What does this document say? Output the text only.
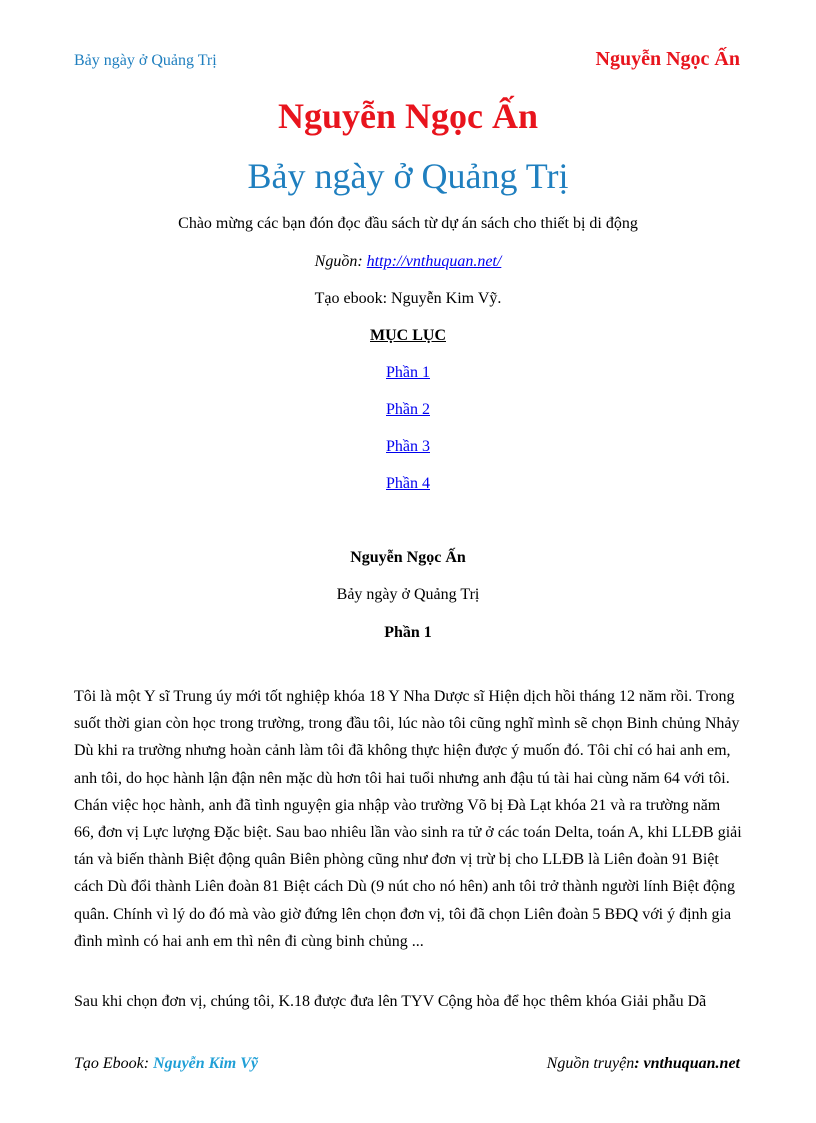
Bảy ngày ở Quảng Trị	Nguyễn Ngọc Ấn
Nguyễn Ngọc Ấn
Bảy ngày ở Quảng Trị
Chào mừng các bạn đón đọc đầu sách từ dự án sách cho thiết bị di động
Nguồn: http://vnthuquan.net/
Tạo ebook: Nguyễn Kim Vỹ.
MỤC LỤC
Phần 1
Phần 2
Phần 3
Phần 4
Nguyễn Ngọc Ấn
Bảy ngày ở Quảng Trị
Phần 1

Tôi là một Y sĩ Trung úy mới tốt nghiệp khóa 18 Y Nha Dược sĩ Hiện dịch hồi tháng 12 năm rồi. Trong suốt thời gian còn học trong trường, trong đầu tôi, lúc nào tôi cũng nghĩ mình sẽ chọn Binh chủng Nhảy Dù khi ra trường nhưng hoàn cảnh làm tôi đã không thực hiện được ý muốn đó. Tôi chỉ có hai anh em, anh tôi, do học hành lận đận nên mặc dù hơn tôi hai tuổi nhưng anh đậu tú tài hai cùng năm 64 với tôi. Chán việc học hành, anh đã tình nguyện gia nhập vào trường Võ bị Đà Lạt khóa 21 và ra trường năm 66, đơn vị Lực lượng Đặc biệt. Sau bao nhiêu lần vào sinh ra tử ở các toán Delta, toán A, khi LLĐB giải tán và biến thành Biệt động quân Biên phòng cũng như đơn vị trừ bị cho LLĐB là Liên đoàn 91 Biệt cách Dù đổi thành Liên đoàn 81 Biệt cách Dù (9 nút cho nó hên) anh tôi trở thành người lính Biệt động quân. Chính vì lý do đó mà vào giờ đứng lên chọn đơn vị, tôi đã chọn Liên đoàn 5 BĐQ với ý định gia đình mình có hai anh em thì nên đi cùng binh chủng ...

Sau khi chọn đơn vị, chúng tôi, K.18 được đưa lên TYV Cộng hòa để học thêm khóa Giải phẫu Dã

Tạo Ebook: Nguyễn Kim Vỹ	Nguồn truyện: vnthuquan.net
